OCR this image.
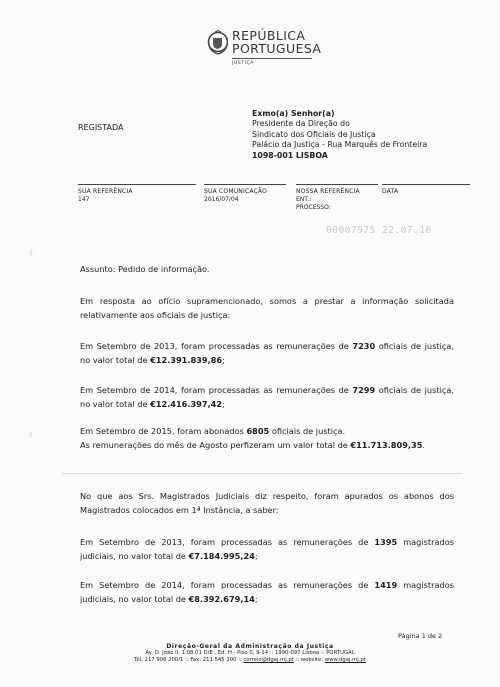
REPÚBLICA
PORTUGUESA
JUSTIÇA
REGISTADA
Exmo(a) Senhor(a)
Presidente da Direção do
Sindicato dos Oficiais de Justiça
Palácio da Justiça - Rua Marquês de Fronteira
1098-001 LISBOA
SUA REFERÊNCIA
147
SUA COMUNICAÇÃO
2016/07/04
NOSSA REFERÊNCIA
ENT.:
PROCESSO:
DATA
00007975 22.07.16
Assunto: Pedido de informação.
Em resposta ao ofício supramencionado, somos a prestar a informação solicitada relativamente aos oficiais de justiça:
Em Setembro de 2013, foram processadas as remunerações de 7230 oficiais de justiça, no valor total de €12.391.839,86;
Em Setembro de 2014, foram processadas as remunerações de 7299 oficiais de justiça, no valor total de €12.416.397,42;
Em Setembro de 2015, foram abonados 6805 oficiais de justiça.
As remunerações do mês de Agosto perfizeram um valor total de €11.713.809,35.
No que aos Srs. Magistrados Judiciais diz respeito, foram apurados os abonos dos Magistrados colocados em 1ª Instância, a saber:
Em Setembro de 2013, foram processadas as remunerações de 1395 magistrados judiciais, no valor total de €7.184.995,24;
Em Setembro de 2014, foram processadas as remunerações de 1419 magistrados judiciais, no valor total de €8.392.679,14;
Página 1 de 2
Direção-Geral da Administração da Justiça
Av. D. João II, 1.08.01 D/E , Ed. H - Piso 0, 9-14 :: 1990-097 Lisboa :: PORTUGAL
Tel. 217 906 200/1 :: Fax: 211 545 100 :: correio@dgaj.mj.pt :: website: www.dgaj.mj.pt
